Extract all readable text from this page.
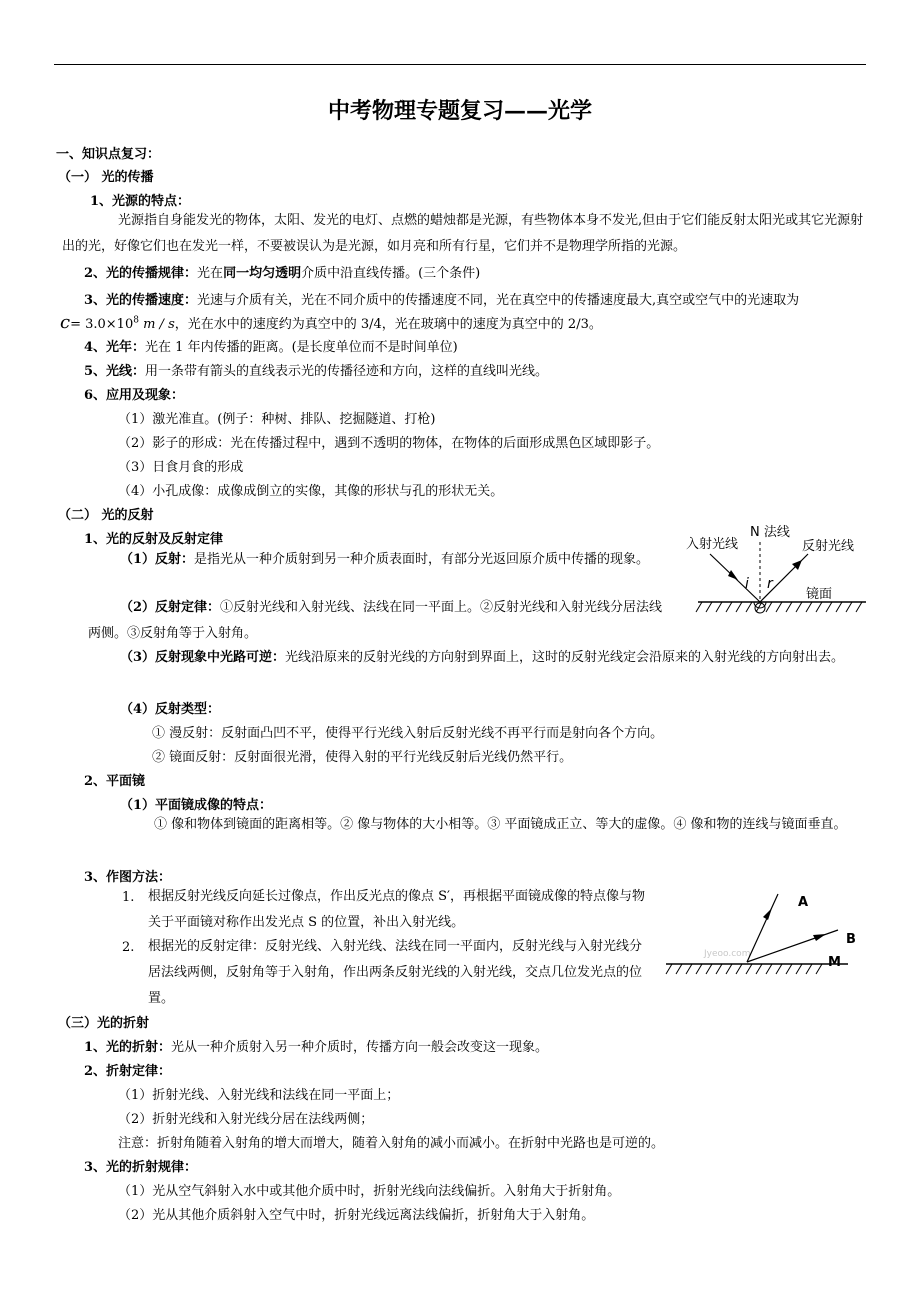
中考物理专题复习——光学
一、知识点复习：
（一） 光的传播
1、光源的特点：
光源指自身能发光的物体，太阳、发光的电灯、点燃的蜡烛都是光源，有些物体本身不发光,但由于它们能反射太阳光或其它光源射出的光，好像它们也在发光一样，不要被误认为是光源，如月亮和所有行星，它们并不是物理学所指的光源。
2、光的传播规律：光在同一均匀透明介质中沿直线传播。(三个条件)
3、光的传播速度：光速与介质有关，光在不同介质中的传播速度不同，光在真空中的传播速度最大,真空或空气中的光速取为
$c= 3.0\times 10^8$ m / s，光在水中的速度约为真空中的 3/4，光在玻璃中的速度为真空中的 2/3。
4、光年：光在 1 年内传播的距离。(是长度单位而不是时间单位)
5、光线：用一条带有箭头的直线表示光的传播径迹和方向，这样的直线叫光线。
6、应用及现象：
（1）激光准直。(例子：种树、排队、挖掘隧道、打枪)
（2）影子的形成：光在传播过程中，遇到不透明的物体，在物体的后面形成黑色区域即影子。
（3）日食月食的形成
（4）小孔成像：成像成倒立的实像，其像的形状与孔的形状无关。
（二） 光的反射
1、光的反射及反射定律
（1）反射：是指光从一种介质射到另一种介质表面时，有部分光返回原介质中传播的现象。
（2）反射定律：①反射光线和入射光线、法线在同一平面上。②反射光线和入射光线分居法线两侧。③反射角等于入射角。
（3）反射现象中光路可逆：光线沿原来的反射光线的方向射到界面上，这时的反射光线定会沿原来的入射光线的方向射出去。
（4）反射类型：
① 漫反射：反射面凸凹不平，使得平行光线入射后反射光线不再平行而是射向各个方向。
② 镜面反射：反射面很光滑，使得入射的平行光线反射后光线仍然平行。
2、平面镜
（1）平面镜成像的特点：
① 像和物体到镜面的距离相等。② 像与物体的大小相等。③ 平面镜成正立、等大的虚像。④ 像和物的连线与镜面垂直。
3、作图方法：
1. 根据反射光线反向延长过像点，作出反光点的像点 S′，再根据平面镜成像的特点像与物关于平面镜对称作出发光点 S 的位置，补出入射光线。
2. 根据光的反射定律：反射光线、入射光线、法线在同一平面内，反射光线与入射光线分居法线两侧，反射角等于入射角，作出两条反射光线的入射光线，交点几位发光点的位置。
（三）光的折射
1、光的折射：光从一种介质射入另一种介质时，传播方向一般会改变这一现象。
2、折射定律：
（1）折射光线、入射光线和法线在同一平面上；
（2）折射光线和入射光线分居在法线两侧；
注意：折射角随着入射角的增大而增大，随着入射角的减小而减小。在折射中光路也是可逆的。
3、光的折射规律：
（1）光从空气斜射入水中或其他介质中时，折射光线向法线偏折。入射角大于折射角。
（2）光从其他介质斜射入空气中时，折射光线远离法线偏折，折射角大于入射角。
入射光线
N 法线
反射光线
镜面
i r
Jyeoo.com
A
B
M
